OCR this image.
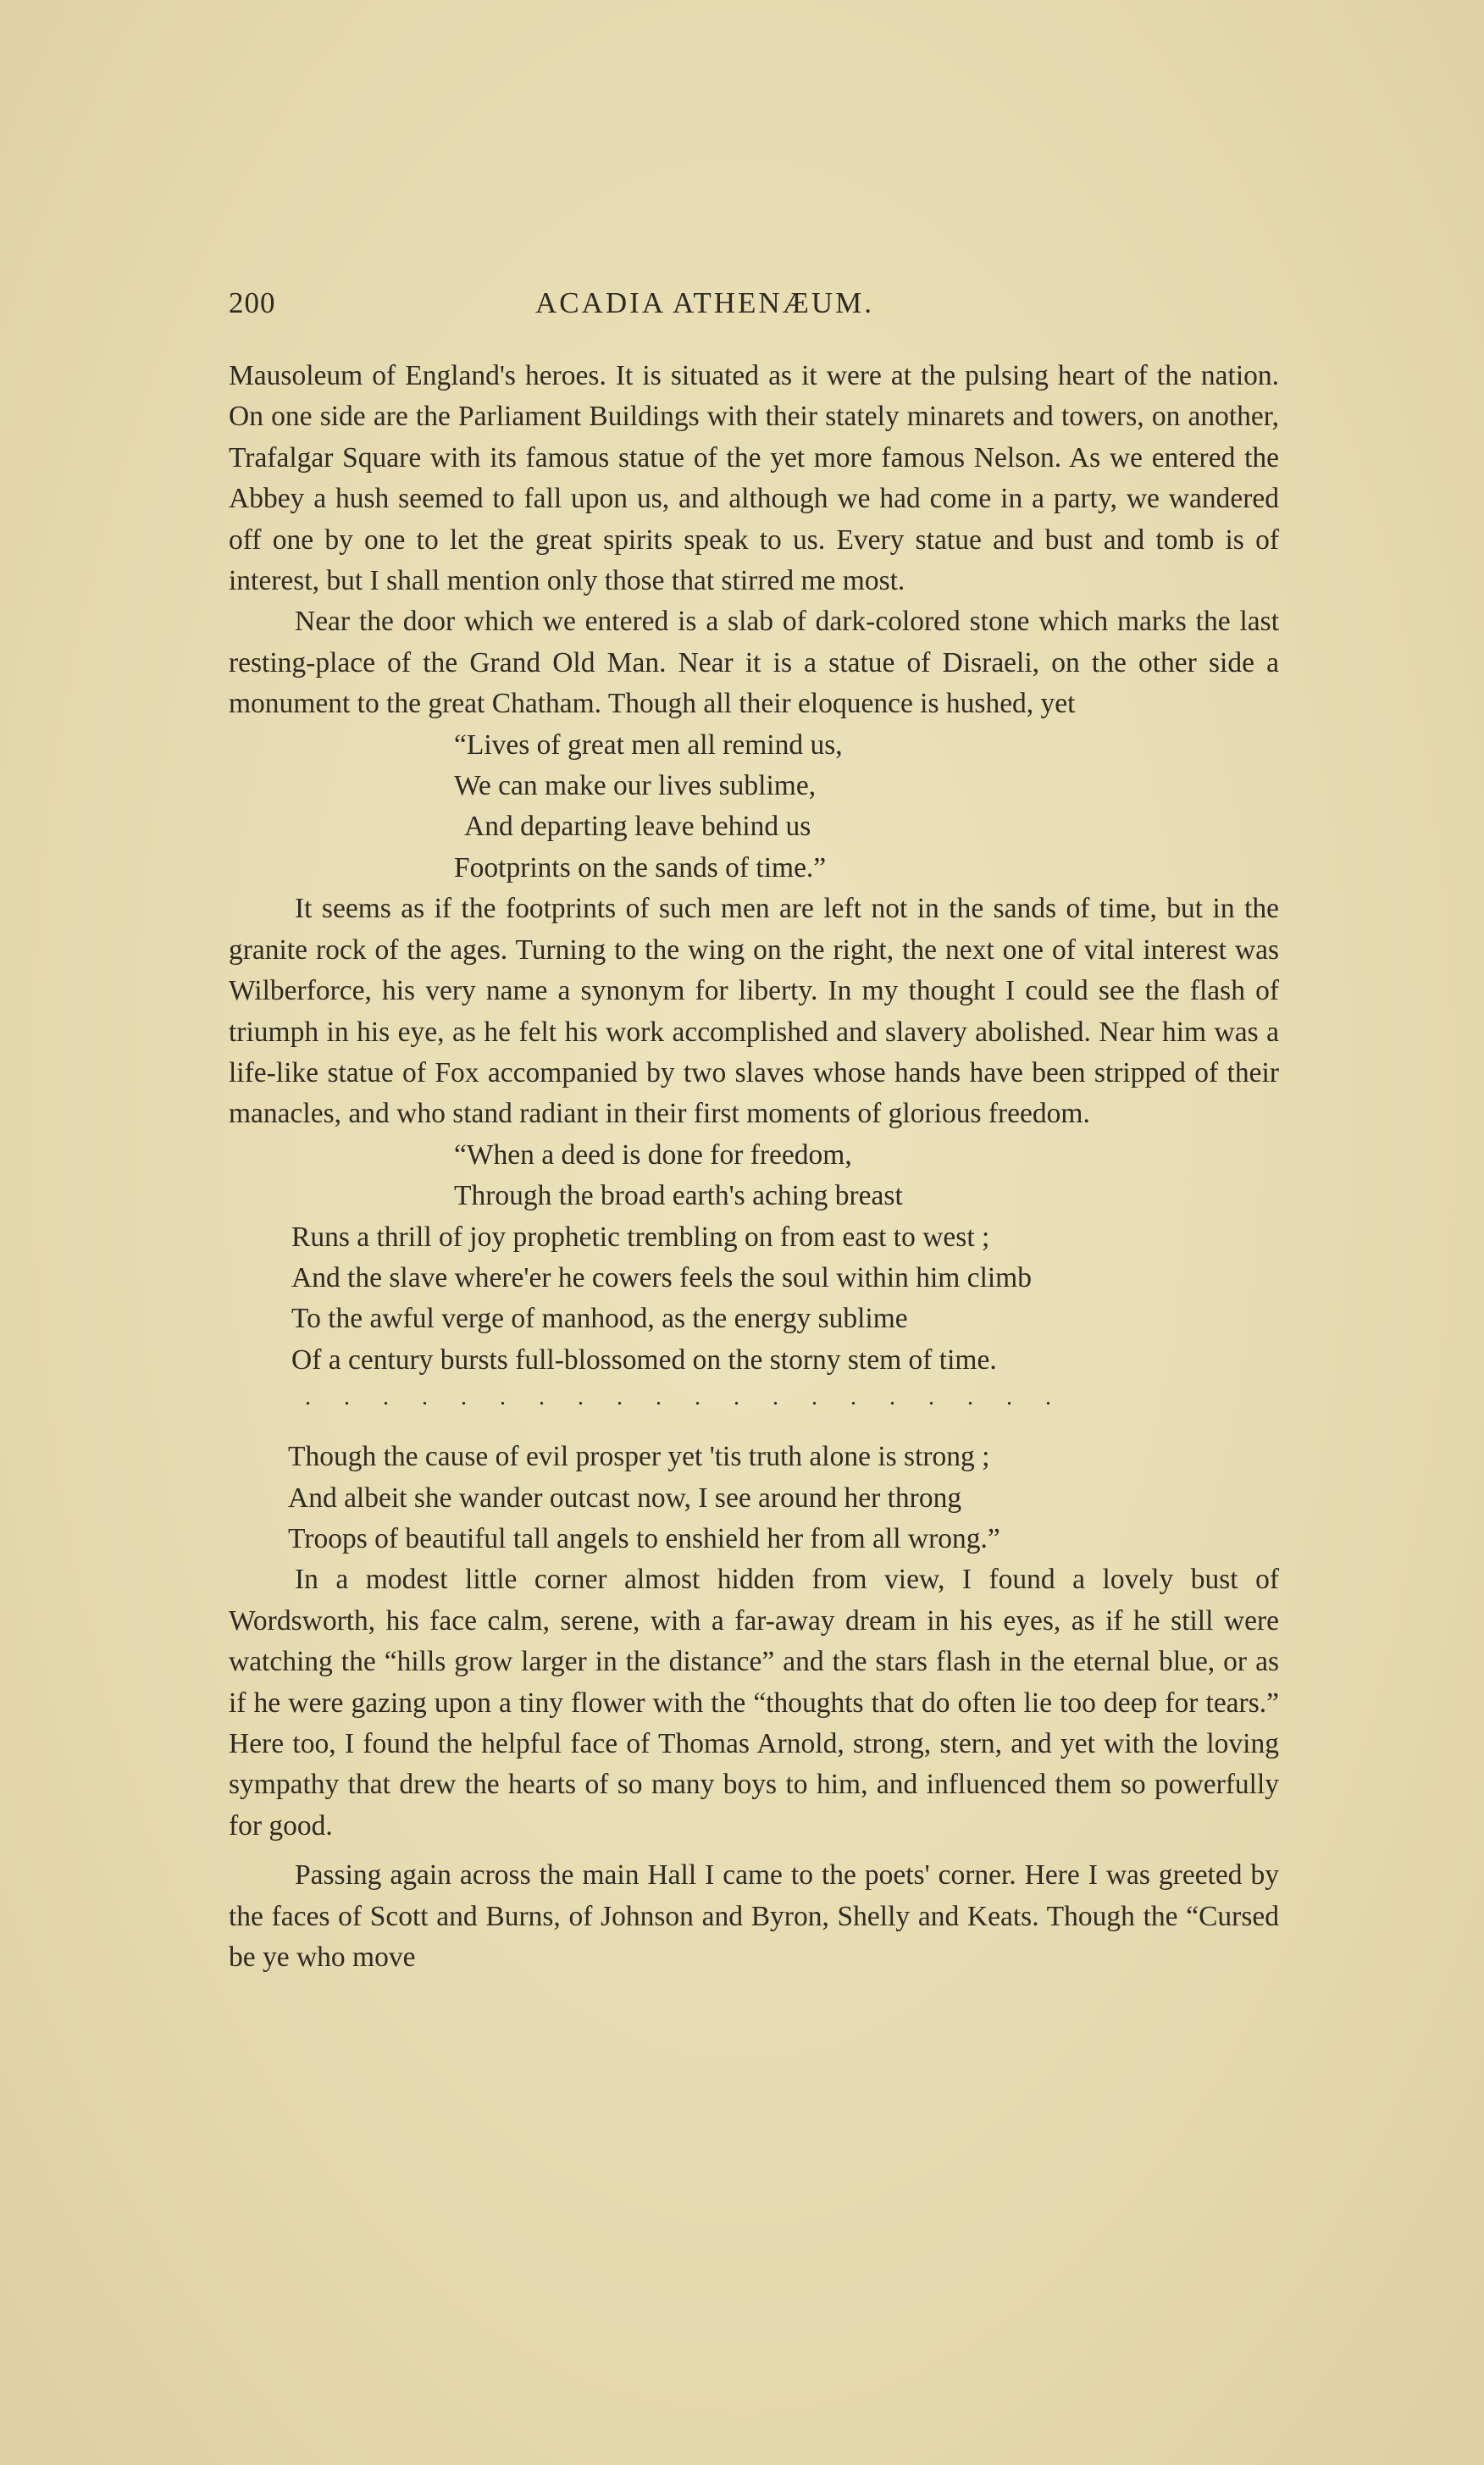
200	ACADIA ATHENÆUM.

Mausoleum of England's heroes. It is situated as it were at the pulsing heart of the nation. On one side are the Parliament Buildings with their stately minarets and towers, on another, Trafalgar Square with its famous statue of the yet more famous Nelson. As we entered the Abbey a hush seemed to fall upon us, and although we had come in a party, we wandered off one by one to let the great spirits speak to us. Every statue and bust and tomb is of interest, but I shall mention only those that stirred me most.

Near the door which we entered is a slab of dark-colored stone which marks the last resting-place of the Grand Old Man. Near it is a statue of Disraeli, on the other side a monument to the great Chatham. Though all their eloquence is hushed, yet

“Lives of great men all remind us,
We can make our lives sublime,
And departing leave behind us
Footprints on the sands of time.”

It seems as if the footprints of such men are left not in the sands of time, but in the granite rock of the ages. Turning to the wing on the right, the next one of vital interest was Wilberforce, his very name a synonym for liberty. In my thought I could see the flash of triumph in his eye, as he felt his work accomplished and slavery abolished. Near him was a life-like statue of Fox accompanied by two slaves whose hands have been stripped of their manacles, and who stand radiant in their first moments of glorious freedom.

“When a deed is done for freedom,
Through the broad earth's aching breast
Runs a thrill of joy prophetic trembling on from east to west ;
And the slave where'er he cowers feels the soul within him climb
To the awful verge of manhood, as the energy sublime
Of a century bursts full-blossomed on the storny stem of time.
. . . . . . . . . . . . . . . . . . . .
Though the cause of evil prosper yet 'tis truth alone is strong ;
And albeit she wander outcast now, I see around her throng
Troops of beautiful tall angels to enshield her from all wrong.”

In a modest little corner almost hidden from view, I found a lovely bust of Wordsworth, his face calm, serene, with a far-away dream in his eyes, as if he still were watching the “hills grow larger in the distance” and the stars flash in the eternal blue, or as if he were gazing upon a tiny flower with the “thoughts that do often lie too deep for tears.” Here too, I found the helpful face of Thomas Arnold, strong, stern, and yet with the loving sympathy that drew the hearts of so many boys to him, and influenced them so powerfully for good.

Passing again across the main Hall I came to the poets' corner. Here I was greeted by the faces of Scott and Burns, of Johnson and Byron, Shelly and Keats. Though the “Cursed be ye who move
